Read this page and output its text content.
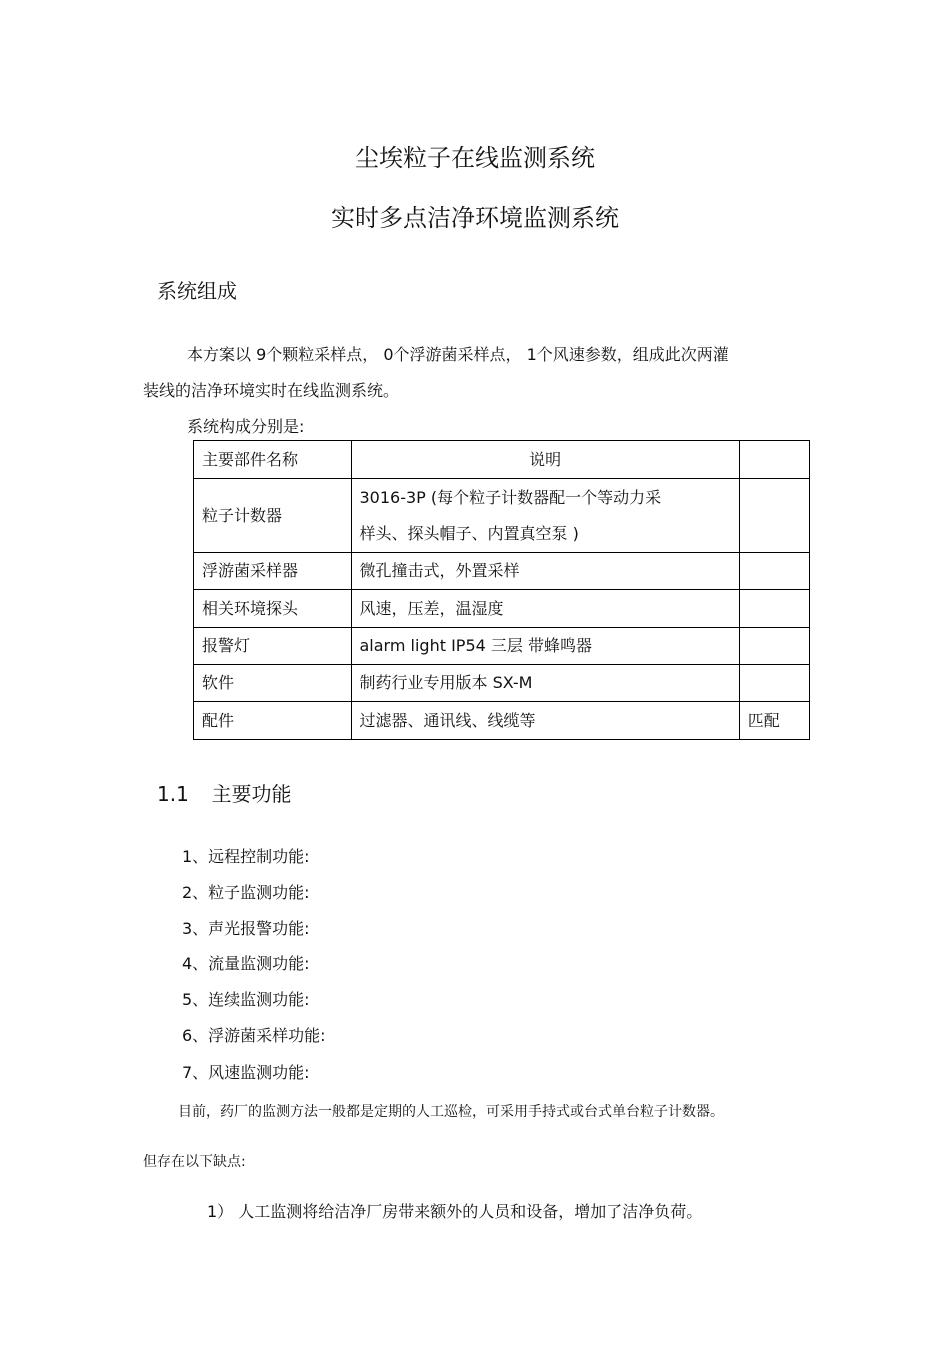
尘埃粒子在线监测系统
实时多点洁净环境监测系统
系统组成
本方案以 9个颗粒采样点， 0个浮游菌采样点， 1个风速参数，组成此次两灌
装线的洁净环境实时在线监测系统。
系统构成分别是:
主要部件名称	说明	
粒子计数器	3016-3P (每个粒子计数器配一个等动力采
样头、探头帽子、内置真空泵 )	

浮游菌采样器	微孔撞击式，外置采样	
相关环境探头	风速，压差，温湿度	
报警灯	alarm light IP54 三层 带蜂鸣器	
软件	制药行业专用版本 SX-M	
配件	过滤器、通讯线、线缆等	匹配
1.1 主要功能
1、远程控制功能:
2、粒子监测功能:
3、声光报警功能:
4、流量监测功能:
5、连续监测功能:
6、浮游菌采样功能:
7、风速监测功能:
目前，药厂的监测方法一般都是定期的人工巡检，可采用手持式或台式单台粒子计数器。
但存在以下缺点:
1） 人工监测将给洁净厂房带来额外的人员和设备，增加了洁净负荷。
